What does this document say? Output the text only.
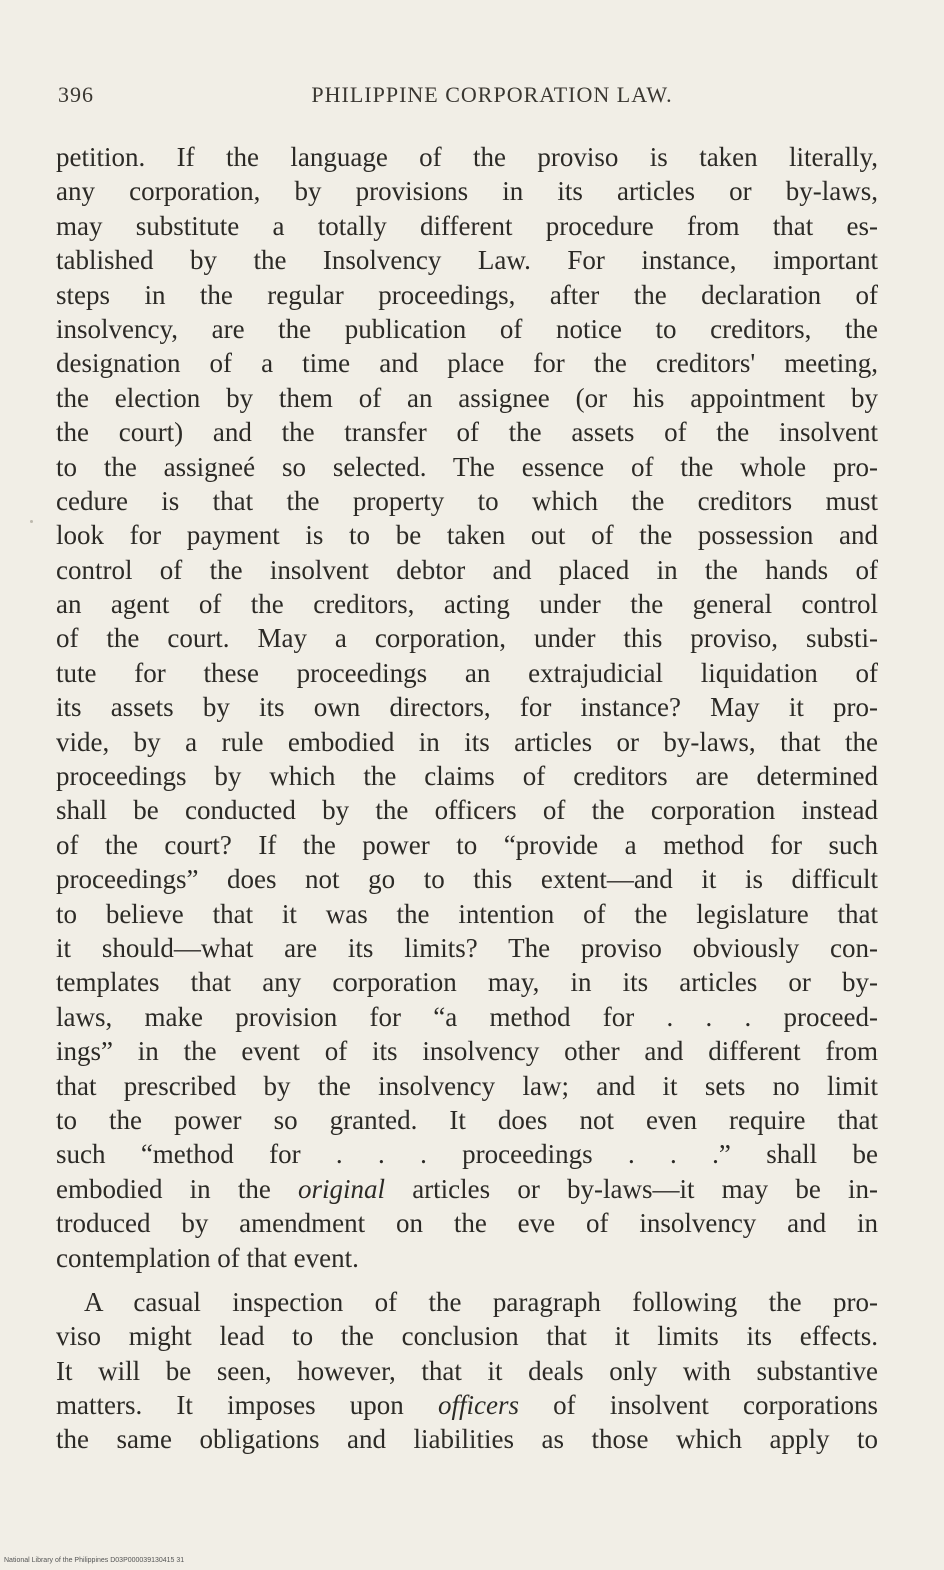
396	PHILIPPINE CORPORATION LAW.
petition. If the language of the proviso is taken literally,
any corporation, by provisions in its articles or by-laws,
may substitute a totally different procedure from that es-
tablished by the Insolvency Law. For instance, important
steps in the regular proceedings, after the declaration of
insolvency, are the publication of notice to creditors, the
designation of a time and place for the creditors' meeting,
the election by them of an assignee (or his appointment by
the court) and the transfer of the assets of the insolvent
to the assigneé so selected. The essence of the whole pro-
cedure is that the property to which the creditors must
look for payment is to be taken out of the possession and
control of the insolvent debtor and placed in the hands of
an agent of the creditors, acting under the general control
of the court. May a corporation, under this proviso, substi-
tute for these proceedings an extrajudicial liquidation of
its assets by its own directors, for instance? May it pro-
vide, by a rule embodied in its articles or by-laws, that the
proceedings by which the claims of creditors are determined
shall be conducted by the officers of the corporation instead
of the court? If the power to “provide a method for such
proceedings” does not go to this extent—and it is difficult
to believe that it was the intention of the legislature that
it should—what are its limits? The proviso obviously con-
templates that any corporation may, in its articles or by-
laws, make provision for “a method for . . . proceed-
ings” in the event of its insolvency other and different from
that prescribed by the insolvency law; and it sets no limit
to the power so granted. It does not even require that
such “method for . . . proceedings . . .” shall be
embodied in the original articles or by-laws—it may be in-
troduced by amendment on the eve of insolvency and in
contemplation of that event.
A casual inspection of the paragraph following the pro-
viso might lead to the conclusion that it limits its effects.
It will be seen, however, that it deals only with substantive
matters. It imposes upon officers of insolvent corporations
the same obligations and liabilities as those which apply to
National Library of the Philippines D03P000039130415 31
